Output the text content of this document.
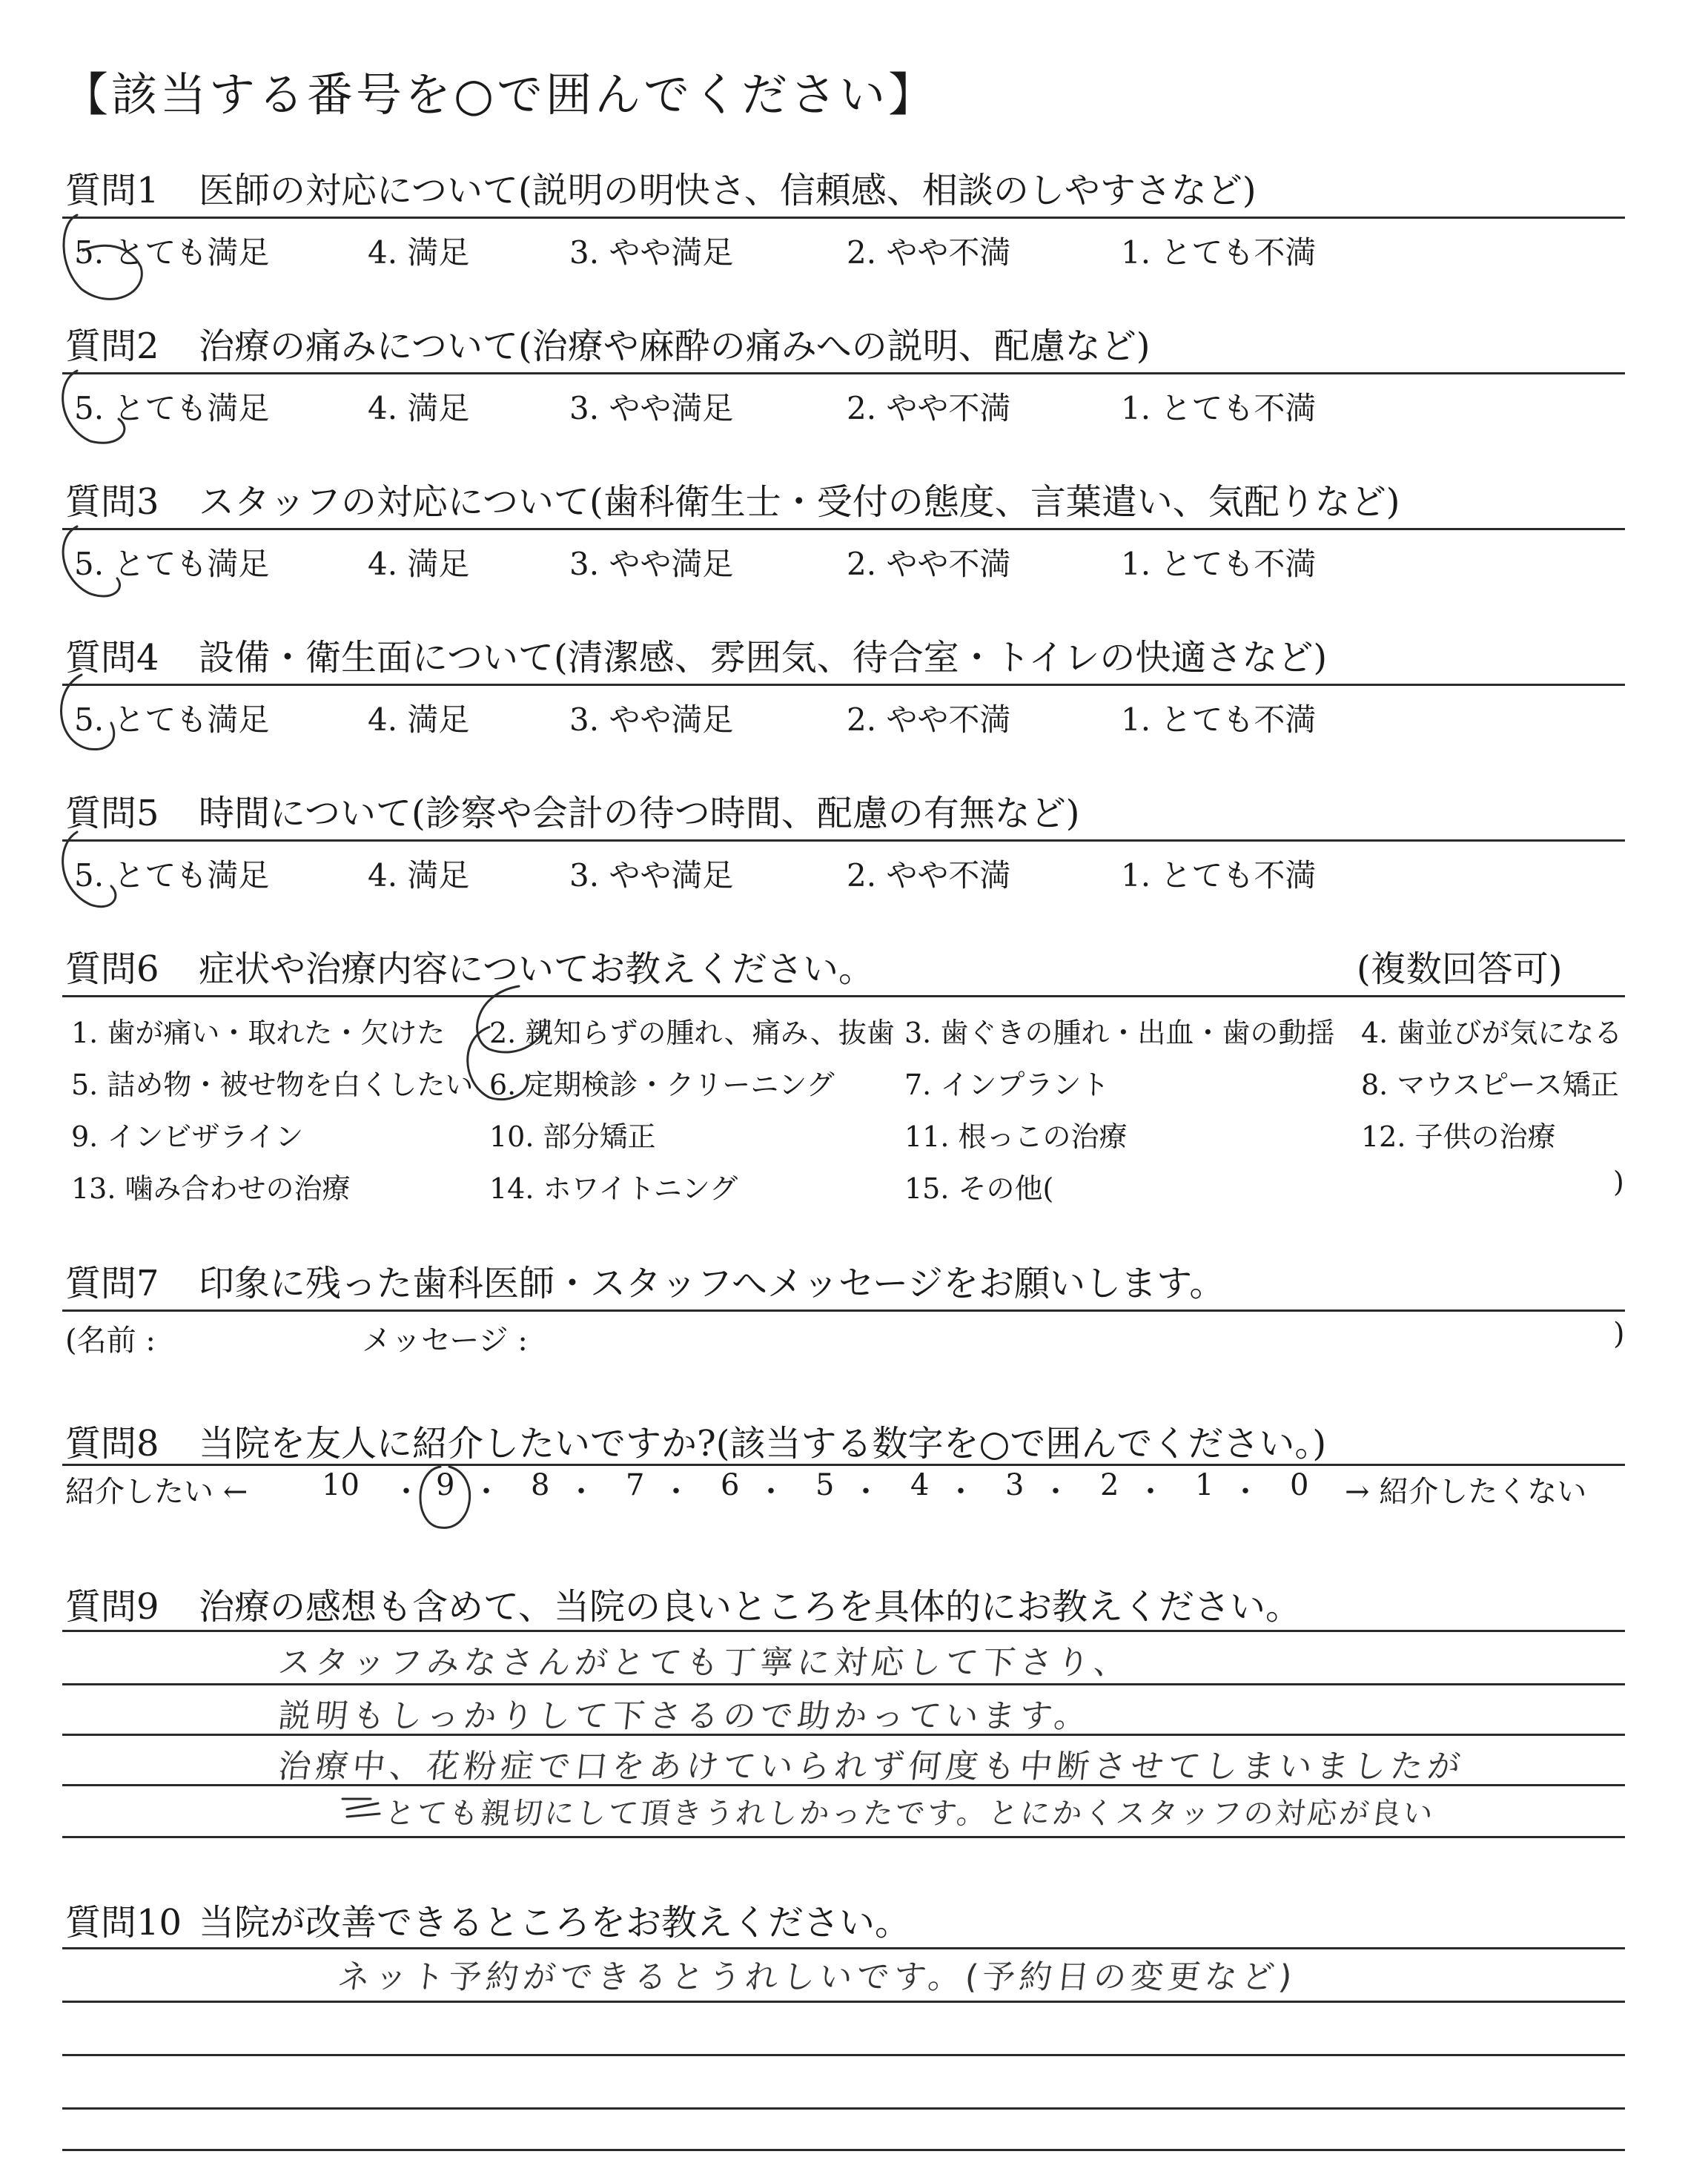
【該当する番号を○で囲んでください】
質問1 医師の対応について(説明の明快さ、信頼感、相談のしやすさなど)
5. とても満足	4. 満足	3. やや満足	2. やや不満	1. とても不満
質問2 治療の痛みについて(治療や麻酔の痛みへの説明、配慮など)
5. とても満足	4. 満足	3. やや満足	2. やや不満	1. とても不満
質問3 スタッフの対応について(歯科衛生士・受付の態度、言葉遣い、気配りなど)
5. とても満足	4. 満足	3. やや満足	2. やや不満	1. とても不満
質問4 設備・衛生面について(清潔感、雰囲気、待合室・トイレの快適さなど)
5. とても満足	4. 満足	3. やや満足	2. やや不満	1. とても不満
質問5 時間について(診察や会計の待つ時間、配慮の有無など)
5. とても満足	4. 満足	3. やや満足	2. やや不満	1. とても不満
質問6 症状や治療内容についてお教えください。	(複数回答可)
1. 歯が痛い・取れた・欠けた 2. 親知らずの腫れ、痛み、抜歯 3. 歯ぐきの腫れ・出血・歯の動揺 4. 歯並びが気になる
5. 詰め物・被せ物を白くしたい 6. 定期検診・クリーニング 7. インプラント	8. マウスピース矯正
9. インビザライン	10. 部分矯正	11. 根っこの治療	12. 子供の治療
13. 噛み合わせの治療	14. ホワイトニング	15. その他(	)
質問7 印象に残った歯科医師・スタッフへメッセージをお願いします。
(名前 :	メッセージ :	)
質問8 当院を友人に紹介したいですか?(該当する数字を○で囲んでください。)
紹介したい ← 10 ・ 9 ・ 8 ・ 7 ・ 6 ・ 5 ・ 4 ・ 3 ・ 2 ・ 1 ・ 0 → 紹介したくない
質問9 治療の感想も含めて、当院の良いところを具体的にお教えください。
スタッフみなさんがとても丁寧に対応して下さり、
説明もしっかりして下さるので助かっています。
治療中、花粉症で口をあけていられず何度も中断させてしまいましたが
とても親切にして頂きうれしかったです。とにかくスタッフの対応が良い
質問10 当院が改善できるところをお教えください。
ネット予約ができるとうれしいです。(予約日の変更など)
